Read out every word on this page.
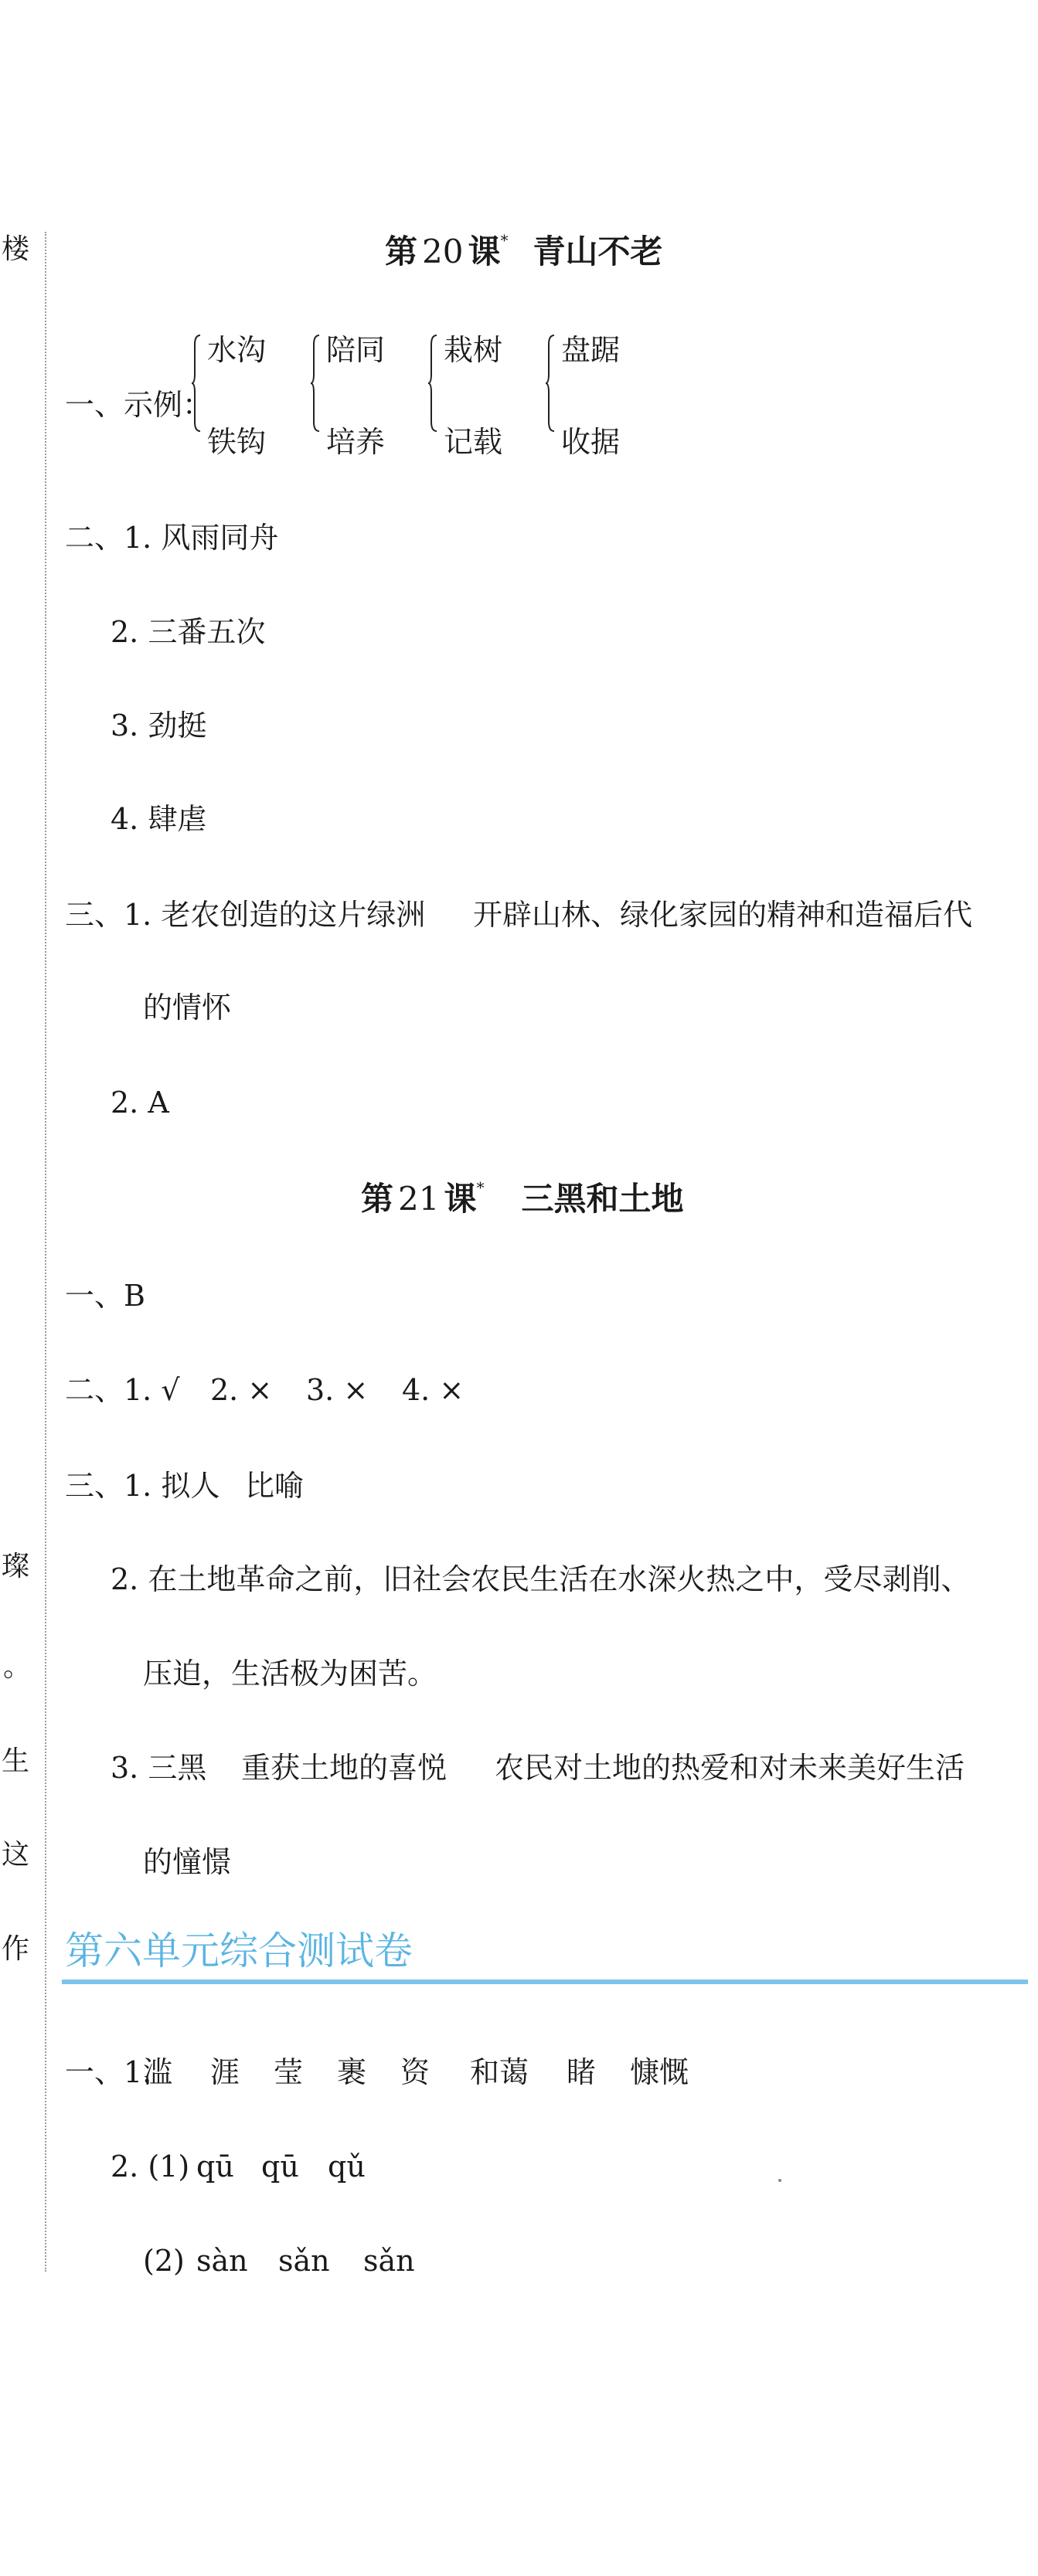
楼
璨
。
生
这
作
第 20 课* 青山不老
一、示例：
水沟
铁钩
陪同
培养
栽树
记载
盘踞
收据
二、1. 风雨同舟
2. 三番五次
3. 劲挺
4. 肆虐
三、1. 老农创造的这片绿洲 开辟山林、绿化家园的精神和造福后代
的情怀
2. A
第 21 课* 三黑和土地
一、B
二、1. √ 2. × 3. × 4. ×
三、1. 拟人 比喻
2. 在土地革命之前，旧社会农民生活在水深火热之中，受尽剥削、
压迫，生活极为困苦。
3. 三黑 重获土地的喜悦 农民对土地的热爱和对未来美好生活
的憧憬
第六单元综合测试卷
一、1.
滥 涯 莹 裹 资 和蔼 睹 慷慨
2. (1) qū qū qǔ
(2) sàn sǎn sǎn
